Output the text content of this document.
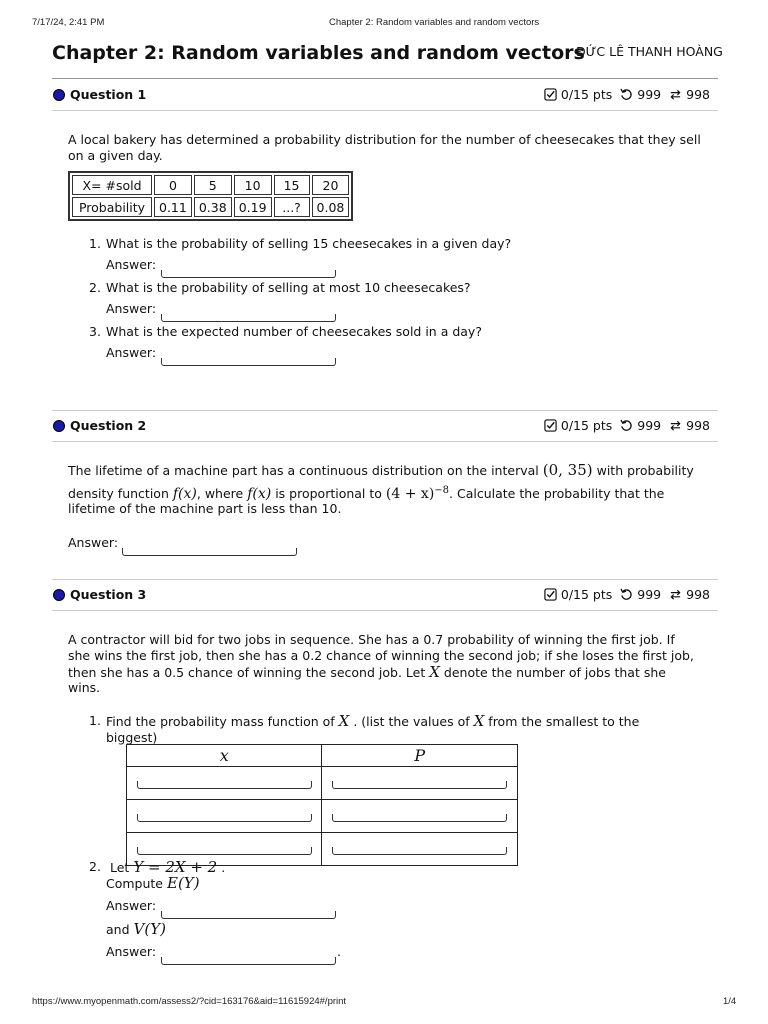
7/17/24, 2:41 PM	Chapter 2: Random variables and random vectors
Chapter 2: Random variables and random vectors
ĐỨC LÊ THANH HOÀNG
Question 1	0/15 pts 999 998
A local bakery has determined a probability distribution for the number of cheesecakes that they sell on a given day.
X= #sold	0	5	10	15	20
Probability	0.11	0.38	0.19	...?	0.08
1. What is the probability of selling 15 cheesecakes in a given day?
Answer:
2. What is the probability of selling at most 10 cheesecakes?
Answer:
3. What is the expected number of cheesecakes sold in a day?
Answer:
Question 2	0/15 pts 999 998
The lifetime of a machine part has a continuous distribution on the interval (0, 35) with probability
density function f(x), where f(x) is proportional to $(4 + x)^{-8}$. Calculate the probability that the
lifetime of the machine part is less than 10.
Answer:
Question 3	0/15 pts 999 998
A contractor will bid for two jobs in sequence. She has a 0.7 probability of winning the first job. If
she wins the first job, then she has a 0.2 chance of winning the second job; if she loses the first job,
then she has a 0.5 chance of winning the second job. Let X denote the number of jobs that she
wins.
1. Find the probability mass function of X . (list the values of X from the smallest to the
biggest)
x	P

2. Let Y = 2X + 2 .
Compute E(Y)
Answer:
and V(Y)
Answer:	.
https://www.myopenmath.com/assess2/?cid=163176&aid=11615924#/print	1/4
